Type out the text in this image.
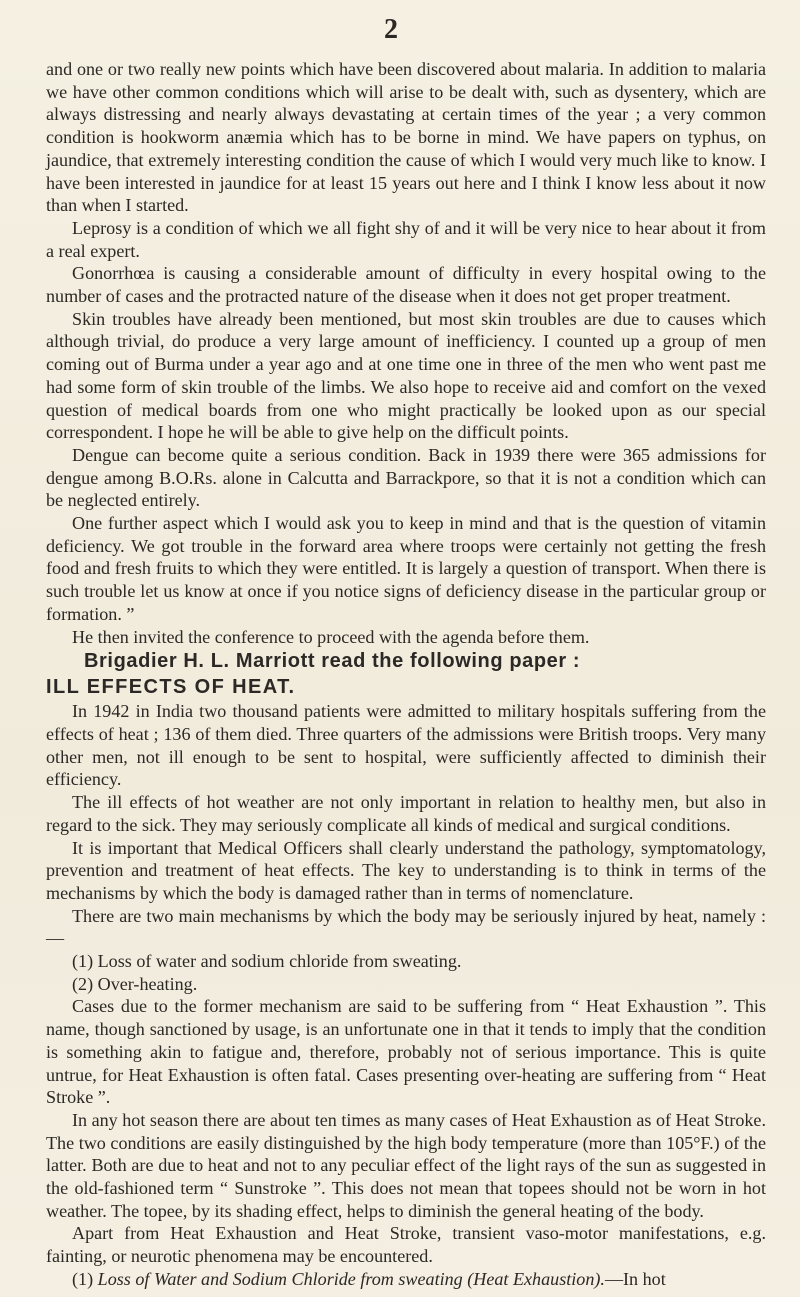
2

and one or two really new points which have been discovered about malaria. In addition to malaria we have other common conditions which will arise to be dealt with, such as dysentery, which are always distressing and nearly always devastating at certain times of the year ; a very common condition is hookworm anæmia which has to be borne in mind. We have papers on typhus, on jaundice, that extremely interesting condition the cause of which I would very much like to know. I have been interested in jaundice for at least 15 years out here and I think I know less about it now than when I started.

Leprosy is a condition of which we all fight shy of and it will be very nice to hear about it from a real expert.

Gonorrhœa is causing a considerable amount of difficulty in every hospital owing to the number of cases and the protracted nature of the disease when it does not get proper treatment.

Skin troubles have already been mentioned, but most skin troubles are due to causes which although trivial, do produce a very large amount of inefficiency. I counted up a group of men coming out of Burma under a year ago and at one time one in three of the men who went past me had some form of skin trouble of the limbs. We also hope to receive aid and comfort on the vexed question of medical boards from one who might practically be looked upon as our special correspondent. I hope he will be able to give help on the difficult points.

Dengue can become quite a serious condition. Back in 1939 there were 365 admissions for dengue among B.O.Rs. alone in Calcutta and Barrackpore, so that it is not a condition which can be neglected entirely.

One further aspect which I would ask you to keep in mind and that is the question of vitamin deficiency. We got trouble in the forward area where troops were certainly not getting the fresh food and fresh fruits to which they were entitled. It is largely a question of transport. When there is such trouble let us know at once if you notice signs of deficiency disease in the particular group or formation. ”

He then invited the conference to proceed with the agenda before them.

Brigadier H. L. Marriott read the following paper :

ILL EFFECTS OF HEAT.

In 1942 in India two thousand patients were admitted to military hospitals suffering from the effects of heat ; 136 of them died. Three quarters of the admissions were British troops. Very many other men, not ill enough to be sent to hospital, were sufficiently affected to diminish their efficiency.

The ill effects of hot weather are not only important in relation to healthy men, but also in regard to the sick. They may seriously complicate all kinds of medical and surgical conditions.

It is important that Medical Officers shall clearly understand the pathology, symptomatology, prevention and treatment of heat effects. The key to understanding is to think in terms of the mechanisms by which the body is damaged rather than in terms of nomenclature.

There are two main mechanisms by which the body may be seriously injured by heat, namely :—

(1) Loss of water and sodium chloride from sweating.

(2) Over-heating.

Cases due to the former mechanism are said to be suffering from “ Heat Exhaustion ”. This name, though sanctioned by usage, is an unfortunate one in that it tends to imply that the condition is something akin to fatigue and, therefore, probably not of serious importance. This is quite untrue, for Heat Exhaustion is often fatal. Cases presenting over-heating are suffering from “ Heat Stroke ”.

In any hot season there are about ten times as many cases of Heat Exhaustion as of Heat Stroke. The two conditions are easily distinguished by the high body temperature (more than 105°F.) of the latter. Both are due to heat and not to any peculiar effect of the light rays of the sun as suggested in the old-fashioned term “ Sunstroke ”. This does not mean that topees should not be worn in hot weather. The topee, by its shading effect, helps to diminish the general heating of the body.

Apart from Heat Exhaustion and Heat Stroke, transient vaso-motor manifestations, e.g. fainting, or neurotic phenomena may be encountered.

(1) Loss of Water and Sodium Chloride from sweating (Heat Exhaustion).—In hot
